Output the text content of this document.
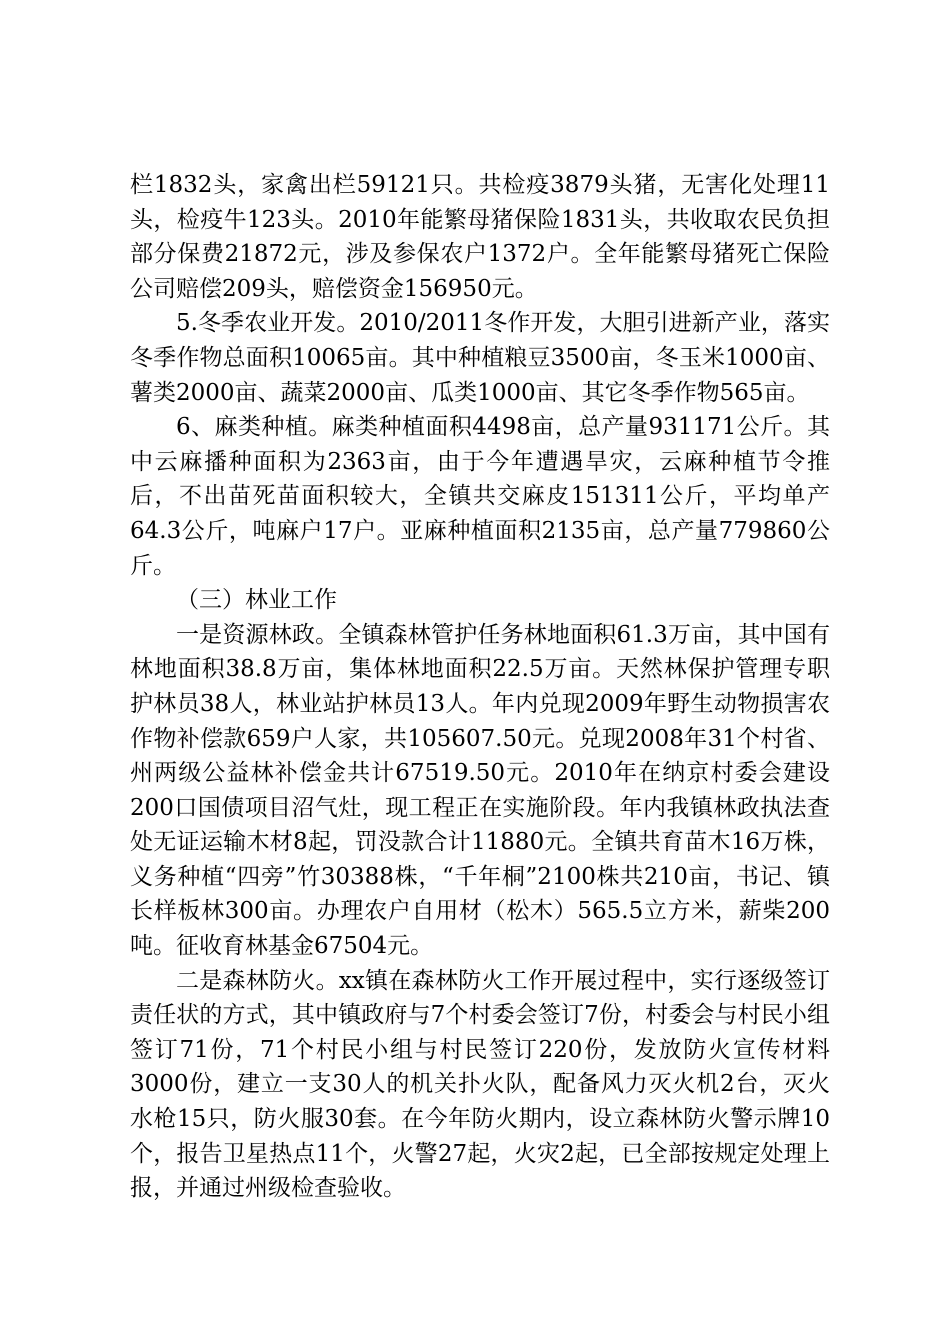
栏1832头，家禽出栏59121只。共检疫3879头猪，无害化处理11头，检疫牛123头。2010年能繁母猪保险1831头，共收取农民负担部分保费21872元，涉及参保农户1372户。全年能繁母猪死亡保险公司赔偿209头，赔偿资金156950元。

5.冬季农业开发。2010/2011冬作开发，大胆引进新产业，落实冬季作物总面积10065亩。其中种植粮豆3500亩，冬玉米1000亩、薯类2000亩、蔬菜2000亩、瓜类1000亩、其它冬季作物565亩。

6、麻类种植。麻类种植面积4498亩，总产量931171公斤。其中云麻播种面积为2363亩，由于今年遭遇旱灾，云麻种植节令推后，不出苗死苗面积较大，全镇共交麻皮151311公斤，平均单产64.3公斤，吨麻户17户。亚麻种植面积2135亩，总产量779860公斤。

（三）林业工作

一是资源林政。全镇森林管护任务林地面积61.3万亩，其中国有林地面积38.8万亩，集体林地面积22.5万亩。天然林保护管理专职护林员38人，林业站护林员13人。年内兑现2009年野生动物损害农作物补偿款659户人家，共105607.50元。兑现2008年31个村省、州两级公益林补偿金共计67519.50元。2010年在纳京村委会建设200口国债项目沼气灶，现工程正在实施阶段。年内我镇林政执法查处无证运输木材8起，罚没款合计11880元。全镇共育苗木16万株，义务种植“四旁”竹30388株，“千年桐”2100株共210亩，书记、镇长样板林300亩。办理农户自用材（松木）565.5立方米，薪柴200吨。征收育林基金67504元。

二是森林防火。xx镇在森林防火工作开展过程中，实行逐级签订责任状的方式，其中镇政府与7个村委会签订7份，村委会与村民小组签订71份，71个村民小组与村民签订220份，发放防火宣传材料3000份，建立一支30人的机关扑火队，配备风力灭火机2台，灭火水枪15只，防火服30套。在今年防火期内，设立森林防火警示牌10个，报告卫星热点11个，火警27起，火灾2起，已全部按规定处理上报，并通过州级检查验收。
